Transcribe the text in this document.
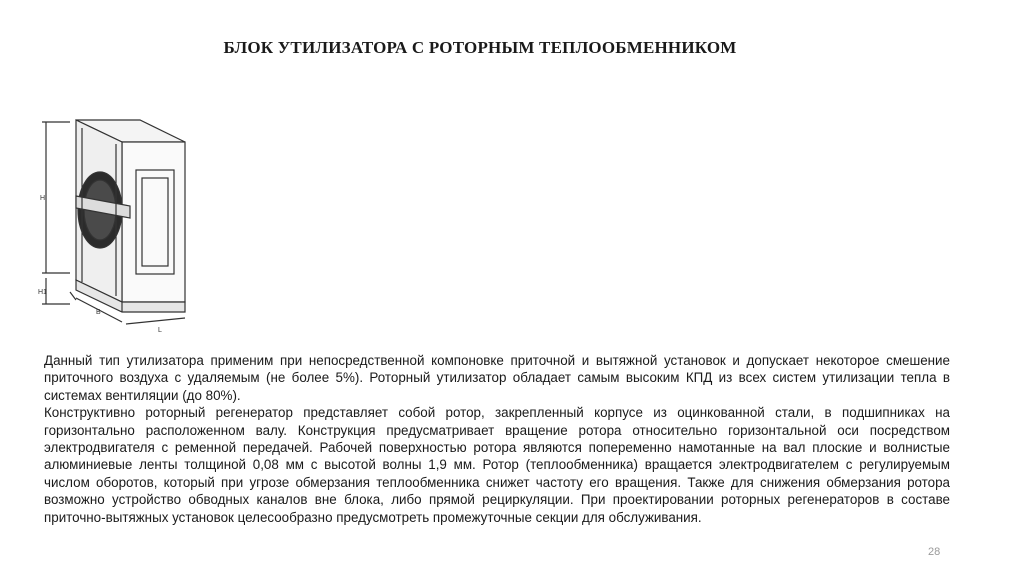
БЛОК УТИЛИЗАТОРА С РОТОРНЫМ ТЕПЛООБМЕННИКОМ
H
H1
B
L

Данный тип утилизатора применим при непосредственной компоновке приточной и вытяжной установок и допускает некоторое смешение приточного воздуха с удаляемым (не более 5%). Роторный утилизатор обладает самым высоким КПД из всех систем утилизации тепла в системах вентиляции (до 80%).

Конструктивно роторный регенератор представляет собой ротор, закрепленный корпусе из оцинкованной стали, в подшипниках на горизонтально расположенном валу. Конструкция предусматривает вращение ротора относительно горизонтальной оси посредством электродвигателя с ременной передачей. Рабочей поверхностью ротора являются попеременно намотанные на вал плоские и волнистые алюминиевые ленты толщиной 0,08 мм с высотой волны 1,9 мм. Ротор (теплообменника) вращается электродвигателем с регулируемым числом оборотов, который при угрозе обмерзания теплообменника снижет частоту его вращения. Также для снижения обмерзания ротора возможно устройство обводных каналов вне блока, либо прямой рециркуляции. При проектировании роторных регенераторов в составе приточно-вытяжных установок целесообразно предусмотреть промежуточные секции для обслуживания.

28
